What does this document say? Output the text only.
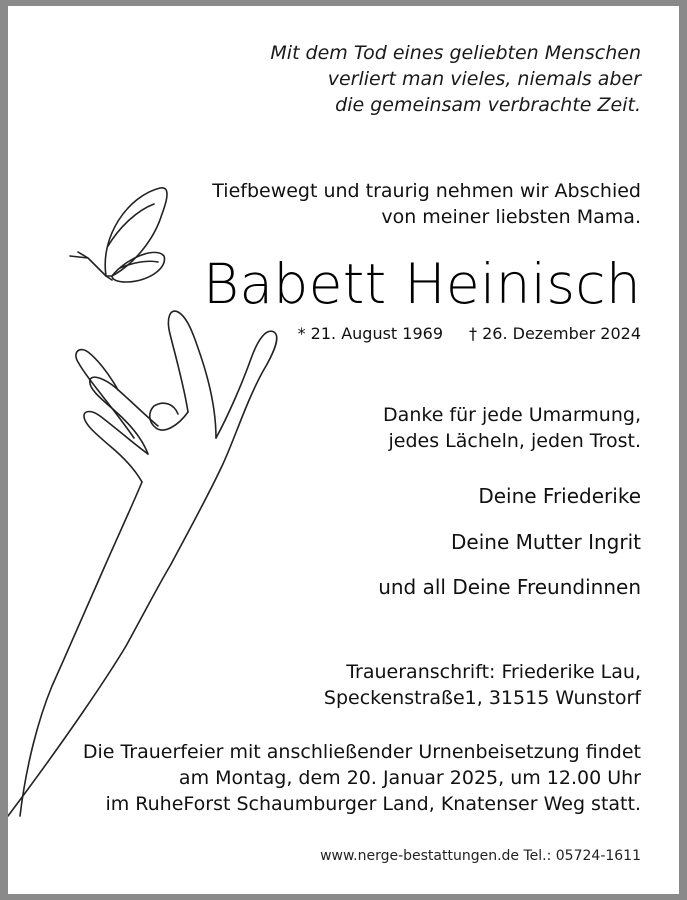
Mit dem Tod eines geliebten Menschen
verliert man vieles, niemals aber
die gemeinsam verbrachte Zeit.
Tiefbewegt und traurig nehmen wir Abschied
von meiner liebsten Mama.
Babett Heinisch
* 21. August 1969 † 26. Dezember 2024
Danke für jede Umarmung,
jedes Lächeln, jeden Trost.
Deine Friederike
Deine Mutter Ingrit
und all Deine Freundinnen
Traueranschrift: Friederike Lau,
Speckenstraße1, 31515 Wunstorf
Die Trauerfeier mit anschließender Urnenbeisetzung findet
am Montag, dem 20. Januar 2025, um 12.00 Uhr
im RuheForst Schaumburger Land, Knatenser Weg statt.
www.nerge-bestattungen.de Tel.: 05724-1611
